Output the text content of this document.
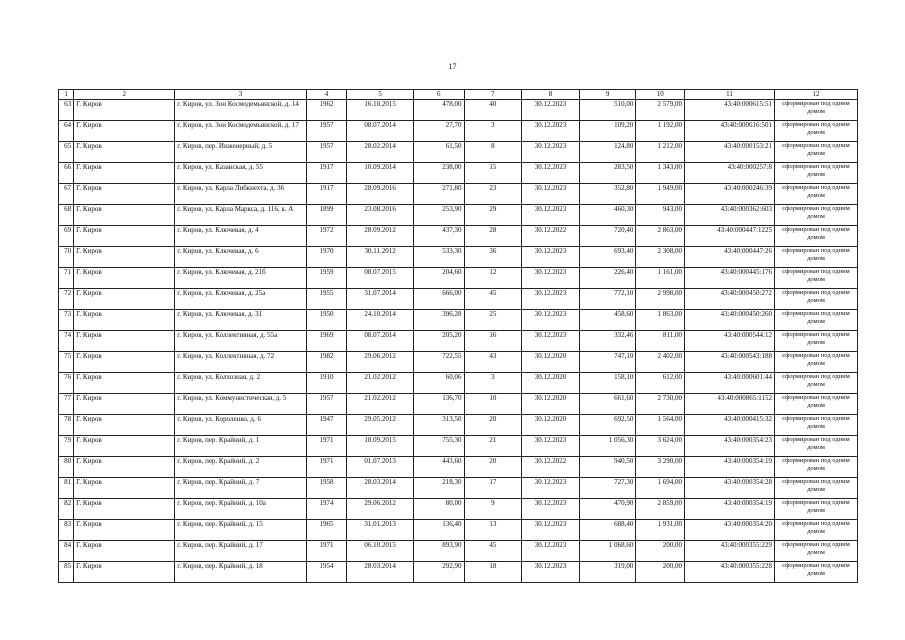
17
1	2	3	4	5	6	7	8	9	10	11	12
63	Г. Киров	г. Киров, ул. Зои Космодемьянской, д. 14	1962	16.10.2015	478,00	40	30.12.2023	510,00	2 579,00	43:40:000615:51	сформирован под одним домом
64	Г. Киров	г. Киров, ул. Зои Космодемьянской, д. 17	1957	08.07.2014	27,70	3	30.12.2023	109,20	1 192,00	43:40:000616:501	сформирован под одним домом
65	Г. Киров	г. Киров, пер. Инженерный, д. 5	1957	28.02.2014	61,50	8	30.12.2023	124,80	1 212,00	43:40:000153:21	сформирован под одним домом
66	Г. Киров	г. Киров, ул. Казанская, д. 55	1917	10.09.2014	238,00	15	30.12.2023	283,50	1 343,00	43:40:000257:8	сформирован под одним домом
67	Г. Киров	г. Киров, ул. Карла Либкнехта, д. 36	1917	28.09.2016	271,80	23	30.12.2023	352,80	1 949,00	43:40:000246:39	сформирован под одним домом
68	Г. Киров	г. Киров, ул. Карла Маркса, д. 116, к. А	1899	23.08.2016	253,90	29	30.12.2023	460,30	943,00	43:40:000362:603	сформирован под одним домом
69	Г. Киров	г. Киров, ул. Ключевая, д. 4	1972	28.09.2012	437,30	28	30.12.2022	720,40	2 863,00	43:40:000447:1225	сформирован под одним домом
70	Г. Киров	г. Киров, ул. Ключевая, д. 6	1970	30.11.2012	533,30	36	30.12.2023	693,40	2 308,00	43:40:000447:26	сформирован под одним домом
71	Г. Киров	г. Киров, ул. Ключевая, д. 21б	1959	08.07.2015	204,60	12	30.12.2023	226,40	1 161,00	43:40:000445:176	сформирован под одним домом
72	Г. Киров	г. Киров, ул. Ключевая, д. 25а	1955	31.07.2014	666,00	45	30.12.2023	772,10	2 998,00	43:40:000450:272	сформирован под одним домом
73	Г. Киров	г. Киров, ул. Ключевая, д. 31	1950	24.10.2014	396,28	25	30.12.2023	458,60	1 863,00	43:40:000450:260	сформирован под одним домом
74	Г. Киров	г. Киров, ул. Коллективная, д. 55а	1969	08.07.2014	205,20	16	30.12.2023	332,46	811,00	43:40:000544:12	сформирован под одним домом
75	Г. Киров	г. Киров, ул. Коллективная, д. 72	1982	29.06.2012	722,55	43	30.12.2020	747,10	2 402,00	43:40:000543:188	сформирован под одним домом
76	Г. Киров	г. Киров, ул. Колхозная, д. 2	1910	21.02.2012	60,06	3	30.12.2020	158,10	612,00	43:40:000601:44	сформирован под одним домом
77	Г. Киров	г. Киров, ул. Коммунистическая, д. 5	1957	21.02.2012	136,70	10	30.12.2020	661,60	2 730,00	43:40:000865:1152	сформирован под одним домом
78	Г. Киров	г. Киров, ул. Короленко, д. 6	1947	29.05.2012	313,50	20	30.12.2020	692,50	1 564,00	43:40:000415:32	сформирован под одним домом
79	Г. Киров	г. Киров, пер. Крайний, д. 1	1971	18.09.2015	755,30	21	30.12.2023	1 056,30	3 624,00	43:40:000354:23	сформирован под одним домом
80	Г. Киров	г. Киров, пер. Крайний, д. 2	1971	01.07.2013	443,60	20	30.12.2022	940,50	3 290,00	43:40:000354:19	сформирован под одним домом
81	Г. Киров	г. Киров, пер. Крайний, д. 7	1958	28.03.2014	218,30	17	30.12.2023	727,30	1 694,00	43:40:000354:28	сформирован под одним домом
82	Г. Киров	г. Киров, пер. Крайний, д. 10а	1974	29.06.2012	80,00	9	30.12.2023	470,90	2 859,00	43:40:000354:19	сформирован под одним домом
83	Г. Киров	г. Киров, пер. Крайний, д. 15	1965	31.01.2013	136,40	13	30.12.2023	688,40	1 931,00	43:40:000354:20	сформирован под одним домом
84	Г. Киров	г. Киров, пер. Крайний, д. 17	1971	06.10.2015	893,90	45	30.12.2023	1 068,60	200,00	43:40:000355:229	сформирован под одним домом
85	Г. Киров	г. Киров, пер. Крайний, д. 18	1954	28.03.2014	292,90	18	30.12.2023	319,00	200,00	43:40:000355:228	сформирован под одним домом
